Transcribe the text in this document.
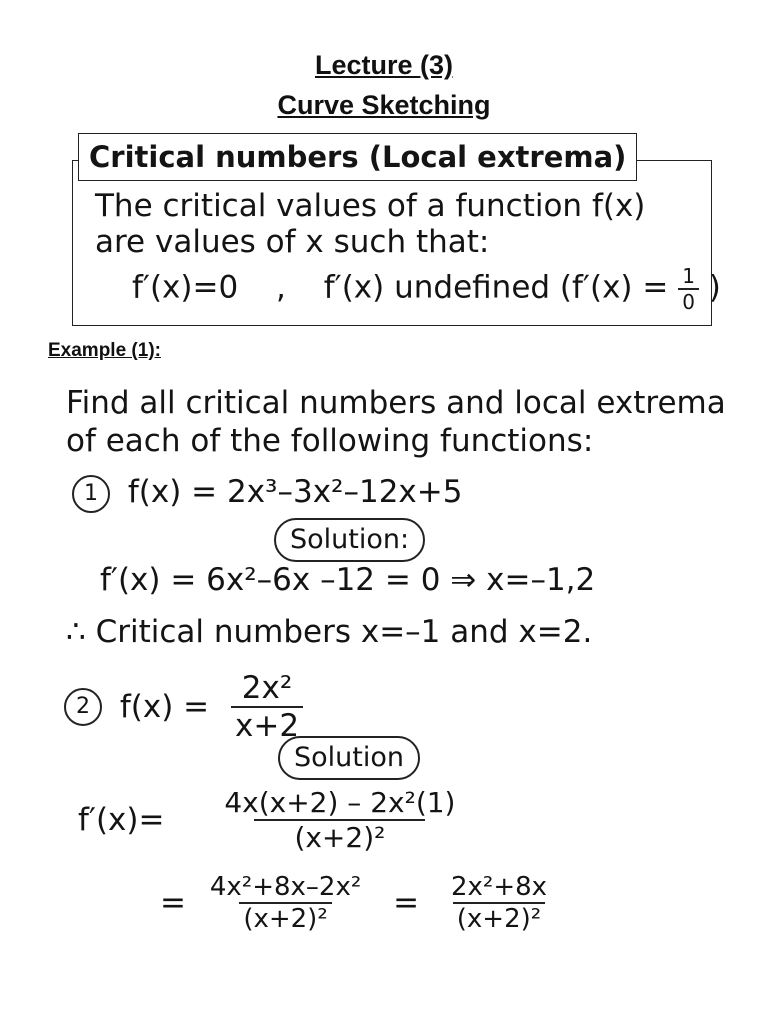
Lecture (3)
Curve Sketching
Critical numbers (Local extrema)
The critical values of a function f(x)
are values of x such that:
f′(x)=0 , f′(x) undefined ($f'(x) = \frac{1}{0}$ )
Example (1):
Find all critical numbers and local extrema
of each of the following functions:
1 f(x) = 2x³–3x²–12x+5
Solution:
f′(x) = 6x²–6x –12 = 0 ⇒ x=–1,2
∴ Critical numbers x=–1 and x=2.
2 $f(x) = \frac{\text{2x²}}{x+2}$
Solution
$f'(x)= \frac{\text{4x(x+2) – 2x²(1)}}{\text{(x+2)²}}$
= $\frac{\text{4x²+8x–2x²}}{\text{(x+2)²}} = \frac{\text{2x²+8x}}{\text{(x+2)²}}$
